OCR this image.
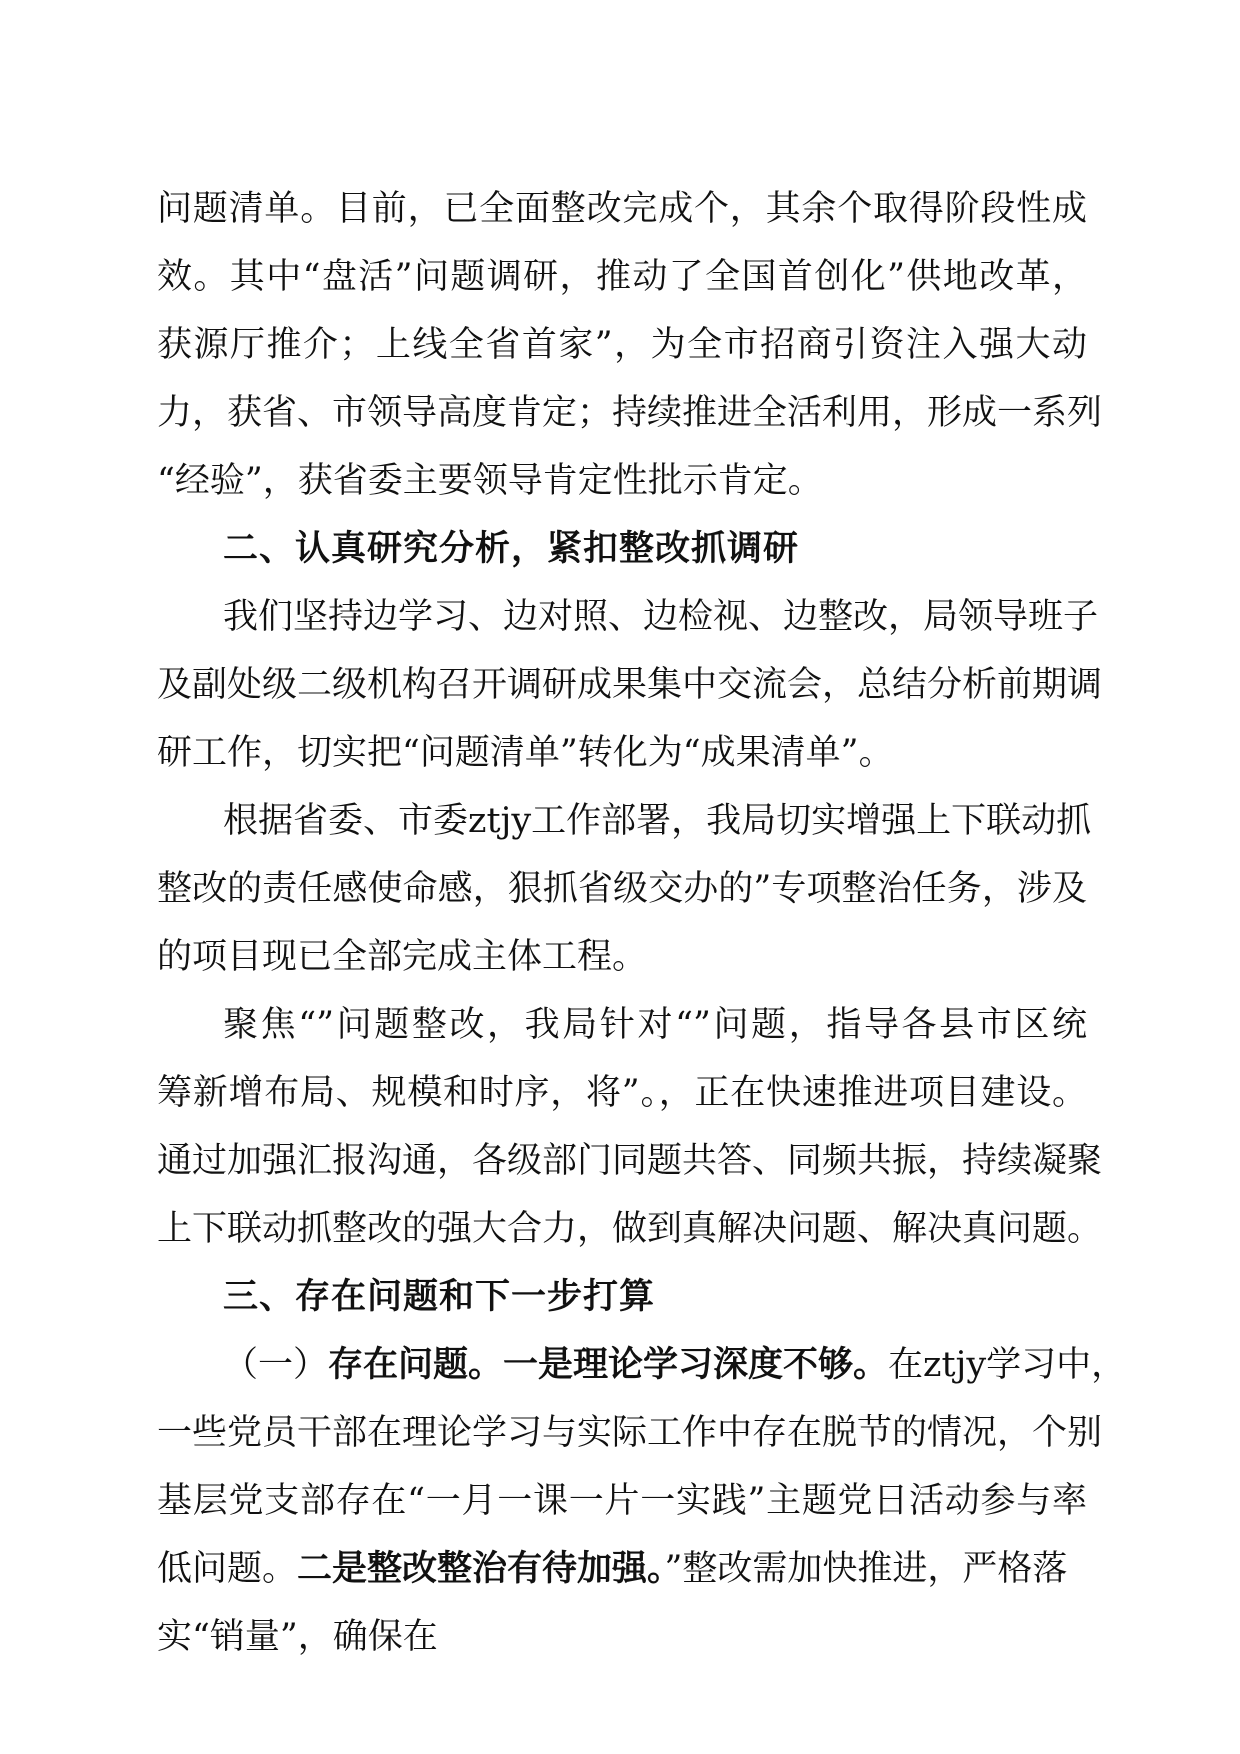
问题清单。目前，已全面整改完成个，其余个取得阶段性成
效。其中“盘活”问题调研，推动了全国首创化”供地改革，
获源厅推介；上线全省首家”，为全市招商引资注入强大动
力，获省、市领导高度肯定；持续推进全活利用，形成一系列
“经验”，获省委主要领导肯定性批示肯定。
二、认真研究分析，紧扣整改抓调研
我们坚持边学习、边对照、边检视、边整改，局领导班子
及副处级二级机构召开调研成果集中交流会，总结分析前期调
研工作，切实把“问题清单”转化为“成果清单”。
根据省委、市委ztjy工作部署，我局切实增强上下联动抓
整改的责任感使命感，狠抓省级交办的”专项整治任务，涉及
的项目现已全部完成主体工程。
聚焦“”问题整改，我局针对“”问题，指导各县市区统
筹新增布局、规模和时序，将”。，正在快速推进项目建设。
通过加强汇报沟通，各级部门同题共答、同频共振，持续凝聚
上下联动抓整改的强大合力，做到真解决问题、解决真问题。
三、存在问题和下一步打算
（一）存在问题。一是理论学习深度不够。在ztjy学习中，
一些党员干部在理论学习与实际工作中存在脱节的情况，个别
基层党支部存在“一月一课一片一实践”主题党日活动参与率
低问题。二是整改整治有待加强。”整改需加快推进，严格落
实“销量”，确保在
